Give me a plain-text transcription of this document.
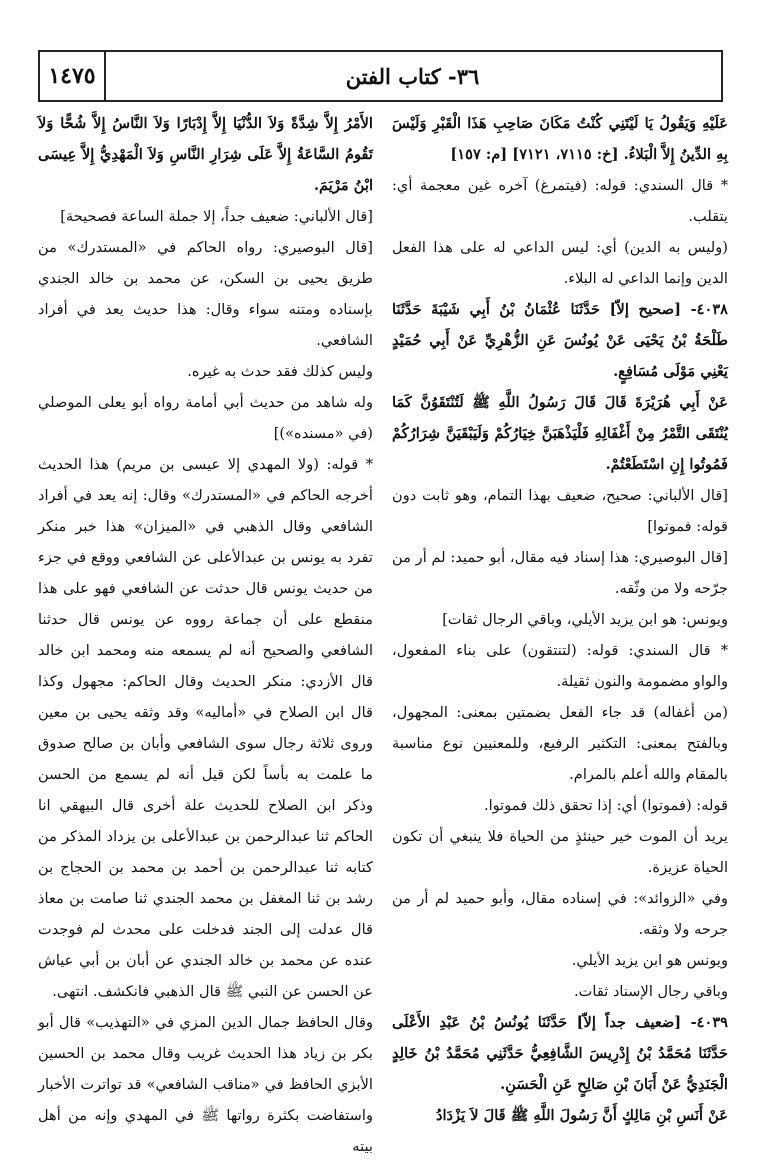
١٤٧٥	٣٦- كتاب الفتن

عَلَيْهِ وَيَقُولُ يَا لَيْتَنِي كُنْتُ مَكَانَ صَاحِبِ هَذَا الْقَبْرِ وَلَيْسَ بِهِ الدِّينُ إِلاَّ الْبَلاءُ. [خ: ٧١١٥، ٧١٢١] [م: ١٥٧]

* قال السندي: قوله: (فيتمرغ) آخره غين معجمة أي: يتقلب.

(وليس به الدين) أي: ليس الداعي له على هذا الفعل الدين وإنما الداعي له البلاء.

٤٠٣٨- [صحيح إلاّ] حَدَّثَنَا عُثْمَانُ بْنُ أَبِي شَيْبَةَ حَدَّثَنَا طَلْحَةُ بْنُ يَحْيَى عَنْ يُونُسَ عَنِ الزُّهْرِيِّ عَنْ أَبِي حُمَيْدٍ يَعْنِي مَوْلَى مُسَافِعٍ.

عَنْ أَبِي هُرَيْرَةَ قَالَ قَالَ رَسُولُ اللَّهِ ﷺ لَتُنْتَقَوُنَّ كَمَا يُنْتَقَى التَّمْرُ مِنْ أَغْفَالِهِ فَلْيَذْهَبَنَّ خِيَارُكُمْ وَلَيَبْقَيَنَّ شِرَارُكُمْ فَمُوتُوا إِنِ اسْتَطَعْتُمْ.

[قال الألباني: صحيح، ضعيف بهذا التمام، وهو ثابت دون قوله: فموتوا]

[قال البوصيري: هذا إسناد فيه مقال، أبو حميد: لم أر من جرّحه ولا من وثّقه.

ويونس: هو ابن يزيد الأيلي، وباقي الرجال ثقات]

* قال السندي: قوله: (لتنتقون) على بناء المفعول، والواو مضمومة والنون ثقيلة.

(من أغفاله) قد جاء الفعل بضمتين بمعنى: المجهول، وبالفتح بمعنى: التكثير الرفيع، وللمعنيين نوع مناسبة بالمقام والله أعلم بالمرام.

قوله: (فموتوا) أي: إذا تحقق ذلك فموتوا.

يريد أن الموت خير حينئذٍ من الحياة فلا ينبغي أن تكون الحياة عزيزة.

وفي «الزوائد»: في إسناده مقال، وأبو حميد لم أر من جرحه ولا وثقه.

ويونس هو ابن يزيد الأيلي.

وباقي رجال الإسناد ثقات.

٤٠٣٩- [ضعيف جداً إلاّ] حَدَّثَنَا يُونُسُ بْنُ عَبْدِ الأَعْلَى حَدَّثَنَا مُحَمَّدُ بْنُ إِدْرِيسَ الشَّافِعِيُّ حَدَّثَنِي مُحَمَّدُ بْنُ خَالِدٍ الْجَنَدِيُّ عَنْ أَبَانَ بْنِ صَالِحٍ عَنِ الْحَسَنِ.

عَنْ أَنَسِ بْنِ مَالِكٍ أَنَّ رَسُولَ اللَّهِ ﷺ قَالَ لاَ يَزْدَادُ

الأَمْرُ إِلاَّ شِدَّةً وَلاَ الدُّنْيَا إِلاَّ إِدْبَارًا وَلاَ النَّاسُ إِلاَّ شُحًّا وَلاَ تَقُومُ السَّاعَةُ إِلاَّ عَلَى شِرَارِ النَّاسِ وَلاَ الْمَهْدِيُّ إِلاَّ عِيسَى ابْنُ مَرْيَمَ.

[قال الألباني: ضعيف جداً، إلا جملة الساعة فصحيحة]

[قال البوصيري: رواه الحاكم في «المستدرك» من طريق يحيى بن السكن، عن محمد بن خالد الجندي بإسناده ومتنه سواء وقال: هذا حديث يعد في أفراد الشافعي.

وليس كذلك فقد حدث به غيره.

وله شاهد من حديث أبي أمامة رواه أبو يعلى الموصلي (في «مسنده»)]

* قوله: (ولا المهدي إلا عيسى بن مريم) هذا الحديث أخرجه الحاكم في «المستدرك» وقال: إنه يعد في أفراد الشافعي وقال الذهبي في «الميزان» هذا خبر منكر تفرد به يونس بن عبدالأعلى عن الشافعي ووقع في جزء من حديث يونس قال حدثت عن الشافعي فهو على هذا منقطع على أن جماعة رووه عن يونس قال حدثنا الشافعي والصحيح أنه لم يسمعه منه ومحمد ابن خالد قال الأزدي: منكر الحديث وقال الحاكم: مجهول وكذا قال ابن الصلاح في «أماليه» وقد وثقه يحيى بن معين وروى ثلاثة رجال سوى الشافعي وأبان بن صالح صدوق ما علمت به بأساً لكن قيل أنه لم يسمع من الحسن وذكر ابن الصلاح للحديث علة أخرى قال البيهقي انا الحاكم ثنا عبدالرحمن بن عبدالأعلى بن يزداد المذكر من كتابه ثنا عبدالرحمن بن أحمد بن محمد بن الحجاج بن رشد بن ثنا المغفل بن محمد الجندي ثنا صامت بن معاذ قال عدلت إلى الجند فدخلت على محدث لم فوجدت عنده عن محمد بن خالد الجندي عن أبان بن أبي عياش عن الحسن عن النبي ﷺ قال الذهبي فانكشف. انتهى.

وقال الحافظ جمال الدين المزي في «التهذيب» قال أبو بكر بن زياد هذا الحديث غريب وقال محمد بن الحسين الأبزي الحافظ في «مناقب الشافعي» قد تواترت الأخبار واستفاضت بكثرة رواتها ﷺ في المهدي وإنه من أهل بيته
